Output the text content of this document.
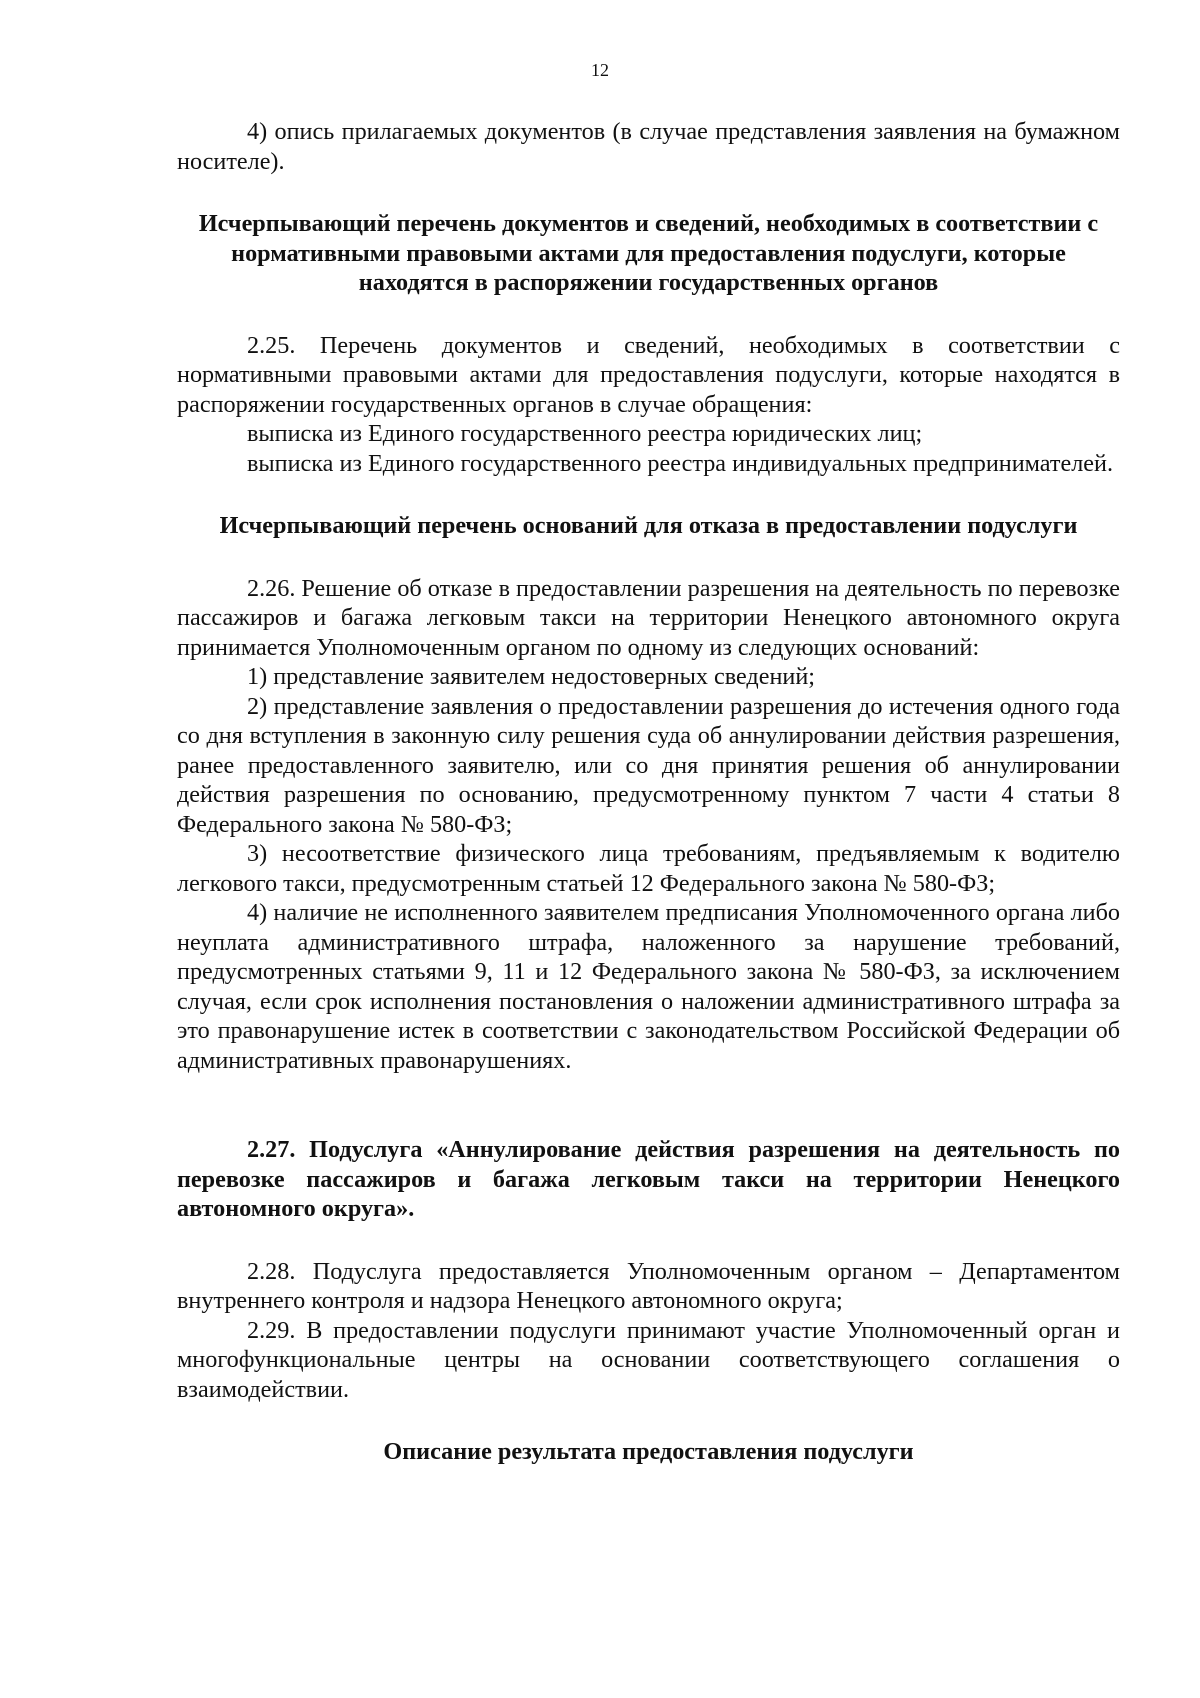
12

4) опись прилагаемых документов (в случае представления заявления на бумажном носителе).

Исчерпывающий перечень документов и сведений, необходимых в соответствии с нормативными правовыми актами для предоставления подуслуги, которые находятся в распоряжении государственных органов

2.25. Перечень документов и сведений, необходимых в соответствии с нормативными правовыми актами для предоставления подуслуги, которые находятся в распоряжении государственных органов в случае обращения:

выписка из Единого государственного реестра юридических лиц;

выписка из Единого государственного реестра индивидуальных предпринимателей.

Исчерпывающий перечень оснований для отказа в предоставлении подуслуги

2.26. Решение об отказе в предоставлении разрешения на деятельность по перевозке пассажиров и багажа легковым такси на территории Ненецкого автономного округа принимается Уполномоченным органом по одному из следующих оснований:

1) представление заявителем недостоверных сведений;

2) представление заявления о предоставлении разрешения до истечения одного года со дня вступления в законную силу решения суда об аннулировании действия разрешения, ранее предоставленного заявителю, или со дня принятия решения об аннулировании действия разрешения по основанию, предусмотренному пунктом 7 части 4 статьи 8 Федерального закона № 580-ФЗ;

3) несоответствие физического лица требованиям, предъявляемым к водителю легкового такси, предусмотренным статьей 12 Федерального закона № 580-ФЗ;

4) наличие не исполненного заявителем предписания Уполномоченного органа либо неуплата административного штрафа, наложенного за нарушение требований, предусмотренных статьями 9, 11 и 12 Федерального закона № 580-ФЗ, за исключением случая, если срок исполнения постановления о наложении административного штрафа за это правонарушение истек в соответствии с законодательством Российской Федерации об административных правонарушениях.

2.27. Подуслуга «Аннулирование действия разрешения на деятельность по перевозке пассажиров и багажа легковым такси на территории Ненецкого автономного округа».

2.28. Подуслуга предоставляется Уполномоченным органом – Департаментом внутреннего контроля и надзора Ненецкого автономного округа;

2.29. В предоставлении подуслуги принимают участие Уполномоченный орган и многофункциональные центры на основании соответствующего соглашения о взаимодействии.

Описание результата предоставления подуслуги
